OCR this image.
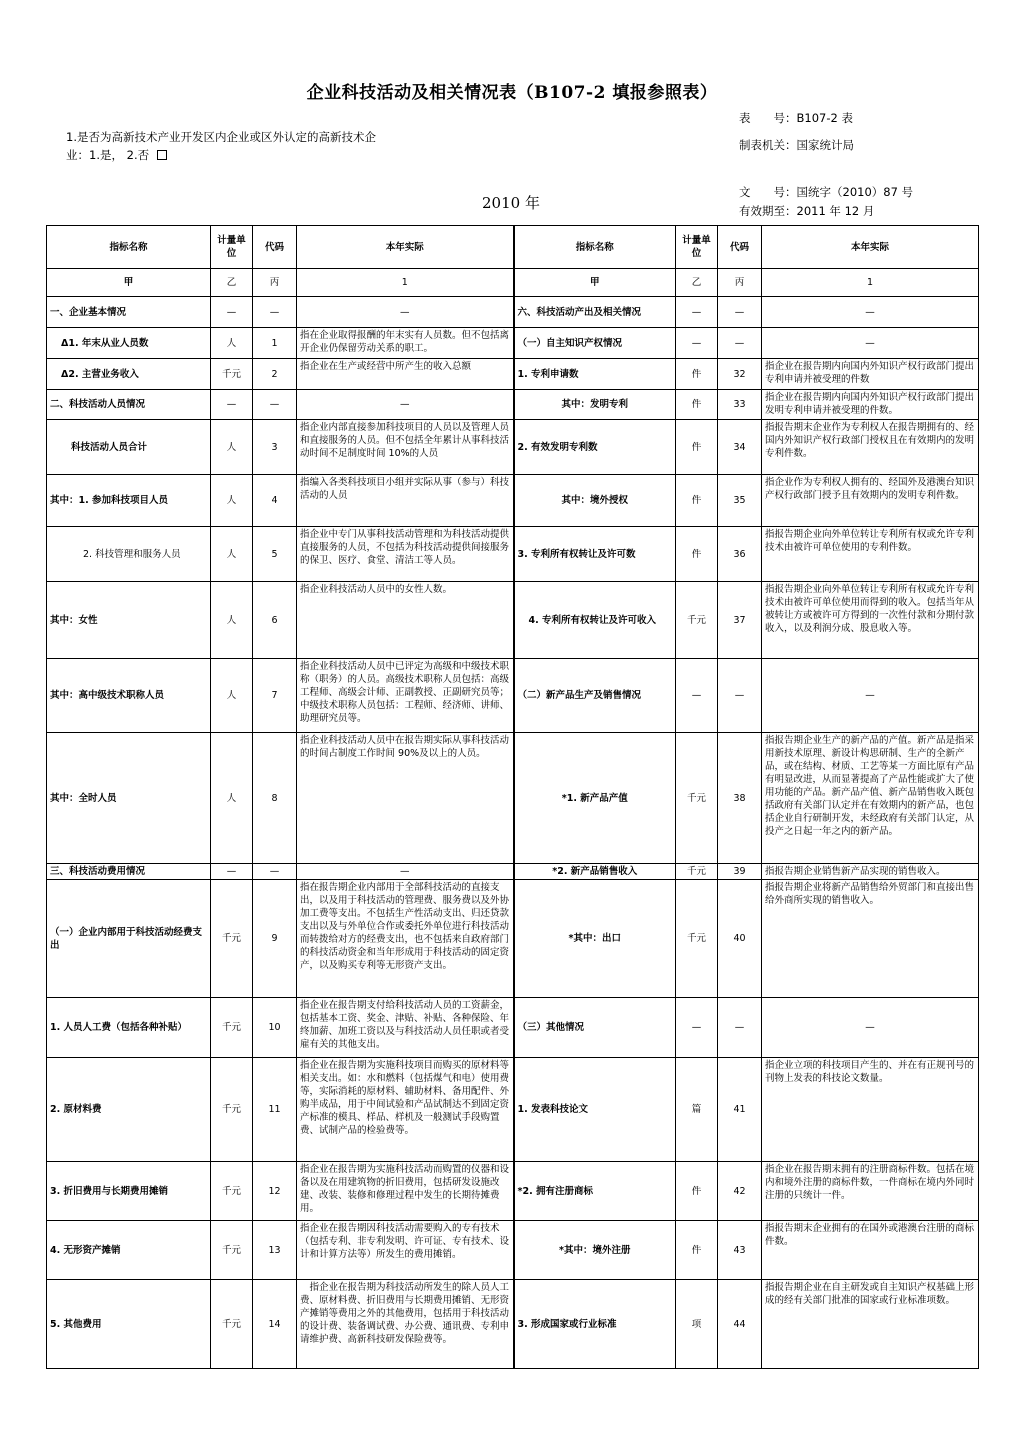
企业科技活动及相关情况表（B107-2 填报参照表）
1.是否为高新技术产业开发区内企业或区外认定的高新技术企业：1.是， 2.否
表　　号：B107-2 表
制表机关：国家统计局
文　　号：国统字（2010）87 号
有效期至：2011 年 12 月
2010 年
指标名称	计量单位	代码	本年实际	指标名称	计量单位	代码	本年实际
甲	乙	丙	1	甲	乙	丙	1
一、企业基本情况	—	—	—	六、科技活动产出及相关情况	—	—	—
Δ1. 年末从业人员数	人	1	指在企业取得报酬的年末实有人员数。但不包括离开企业仍保留劳动关系的职工。	（一）自主知识产权情况	—	—	—
Δ2. 主营业务收入	千元	2	指企业在生产或经营中所产生的收入总额	1. 专利申请数	件	32	指企业在报告期内向国内外知识产权行政部门提出专利申请并被受理的件数
二、科技活动人员情况	—	—	—	其中：发明专利	件	33	指企业在报告期内向国内外知识产权行政部门提出发明专利申请并被受理的件数。
科技活动人员合计	人	3	指企业内部直接参加科技项目的人员以及管理人员和直接服务的人员。但不包括全年累计从事科技活动时间不足制度时间 10%的人员	2. 有效发明专利数	件	34	指报告期末企业作为专利权人在报告期拥有的、经国内外知识产权行政部门授权且在有效期内的发明专利件数。
其中：1. 参加科技项目人员	人	4	指编入各类科技项目小组并实际从事（参与）科技活动的人员	其中：境外授权	件	35	指企业作为专利权人拥有的、经国外及港澳台知识产权行政部门授予且有效期内的发明专利件数。
2. 科技管理和服务人员	人	5	指企业中专门从事科技活动管理和为科技活动提供直接服务的人员，不包括为科技活动提供间接服务的保卫、医疗、食堂、清洁工等人员。	3. 专利所有权转让及许可数	件	36	指报告期企业向外单位转让专利所有权或允许专利技术由被许可单位使用的专利件数。
其中：女性	人	6	指企业科技活动人员中的女性人数。	4. 专利所有权转让及许可收入	千元	37	指报告期企业向外单位转让专利所有权或允许专利技术由被许可单位使用而得到的收入。包括当年从被转让方或被许可方得到的一次性付款和分期付款收入，以及利润分成、股息收入等。
其中：高中级技术职称人员	人	7	指企业科技活动人员中已评定为高级和中级技术职称（职务）的人员。高级技术职称人员包括：高级工程师、高级会计师、正副教授、正副研究员等；中级技术职称人员包括：工程师、经济师、讲师、助理研究员等。	（二）新产品生产及销售情况	—	—	—
其中：全时人员	人	8	指企业科技活动人员中在报告期实际从事科技活动的时间占制度工作时间 90%及以上的人员。	*1. 新产品产值	千元	38	指报告期企业生产的新产品的产值。新产品是指采用新技术原理、新设计构思研制、生产的全新产品，或在结构、材质、工艺等某一方面比原有产品有明显改进，从而显著提高了产品性能或扩大了使用功能的产品。新产品产值、新产品销售收入既包括政府有关部门认定并在有效期内的新产品，也包括企业自行研制开发，未经政府有关部门认定，从投产之日起一年之内的新产品。
三、科技活动费用情况	—	—	—	*2. 新产品销售收入	千元	39	指报告期企业销售新产品实现的销售收入。
（一）企业内部用于科技活动经费支出	千元	9	指在报告期企业内部用于全部科技活动的直接支出，以及用于科技活动的管理费、服务费以及外协加工费等支出。不包括生产性活动支出、归还贷款支出以及与外单位合作或委托外单位进行科技活动而转拨给对方的经费支出，也不包括来自政府部门的科技活动资金和当年形成用于科技活动的固定资产，以及购买专利等无形资产支出。	*其中：出口	千元	40	指报告期企业将新产品销售给外贸部门和直接出售给外商所实现的销售收入。
1. 人员人工费（包括各种补贴）	千元	10	指企业在报告期支付给科技活动人员的工资薪金，包括基本工资、奖金、津贴、补贴、各种保险、年终加薪、加班工资以及与科技活动人员任职或者受雇有关的其他支出。	（三）其他情况	—	—	—
2. 原材料费	千元	11	指企业在报告期为实施科技项目而购买的原材料等相关支出。如：水和燃料（包括煤气和电）使用费等，实际消耗的原材料、辅助材料、备用配件、外购半成品，用于中间试验和产品试制达不到固定资产标准的模具、样品、样机及一般测试手段购置费、试制产品的检验费等。	1. 发表科技论文	篇	41	指企业立项的科技项目产生的、并在有正规刊号的刊物上发表的科技论文数量。
3. 折旧费用与长期费用摊销	千元	12	指企业在报告期为实施科技活动而购置的仪器和设备以及在用建筑物的折旧费用，包括研发设施改建、改装、装修和修理过程中发生的长期待摊费用。	*2. 拥有注册商标	件	42	指企业在报告期末拥有的注册商标件数。包括在境内和境外注册的商标件数，一件商标在境内外同时注册的只统计一件。
4. 无形资产摊销	千元	13	指企业在报告期因科技活动需要购入的专有技术（包括专利、非专利发明、许可证、专有技术、设计和计算方法等）所发生的费用摊销。	*其中：境外注册	件	43	指报告期末企业拥有的在国外或港澳台注册的商标件数。
5. 其他费用	千元	14	　指企业在报告期为科技活动所发生的除人员人工费、原材料费、折旧费用与长期费用摊销、无形资产摊销等费用之外的其他费用，包括用于科技活动的设计费、装备调试费、办公费、通讯费、专利申请维护费、高新科技研发保险费等。	3. 形成国家或行业标准	项	44	指报告期企业在自主研发或自主知识产权基础上形成的经有关部门批准的国家或行业标准项数。
